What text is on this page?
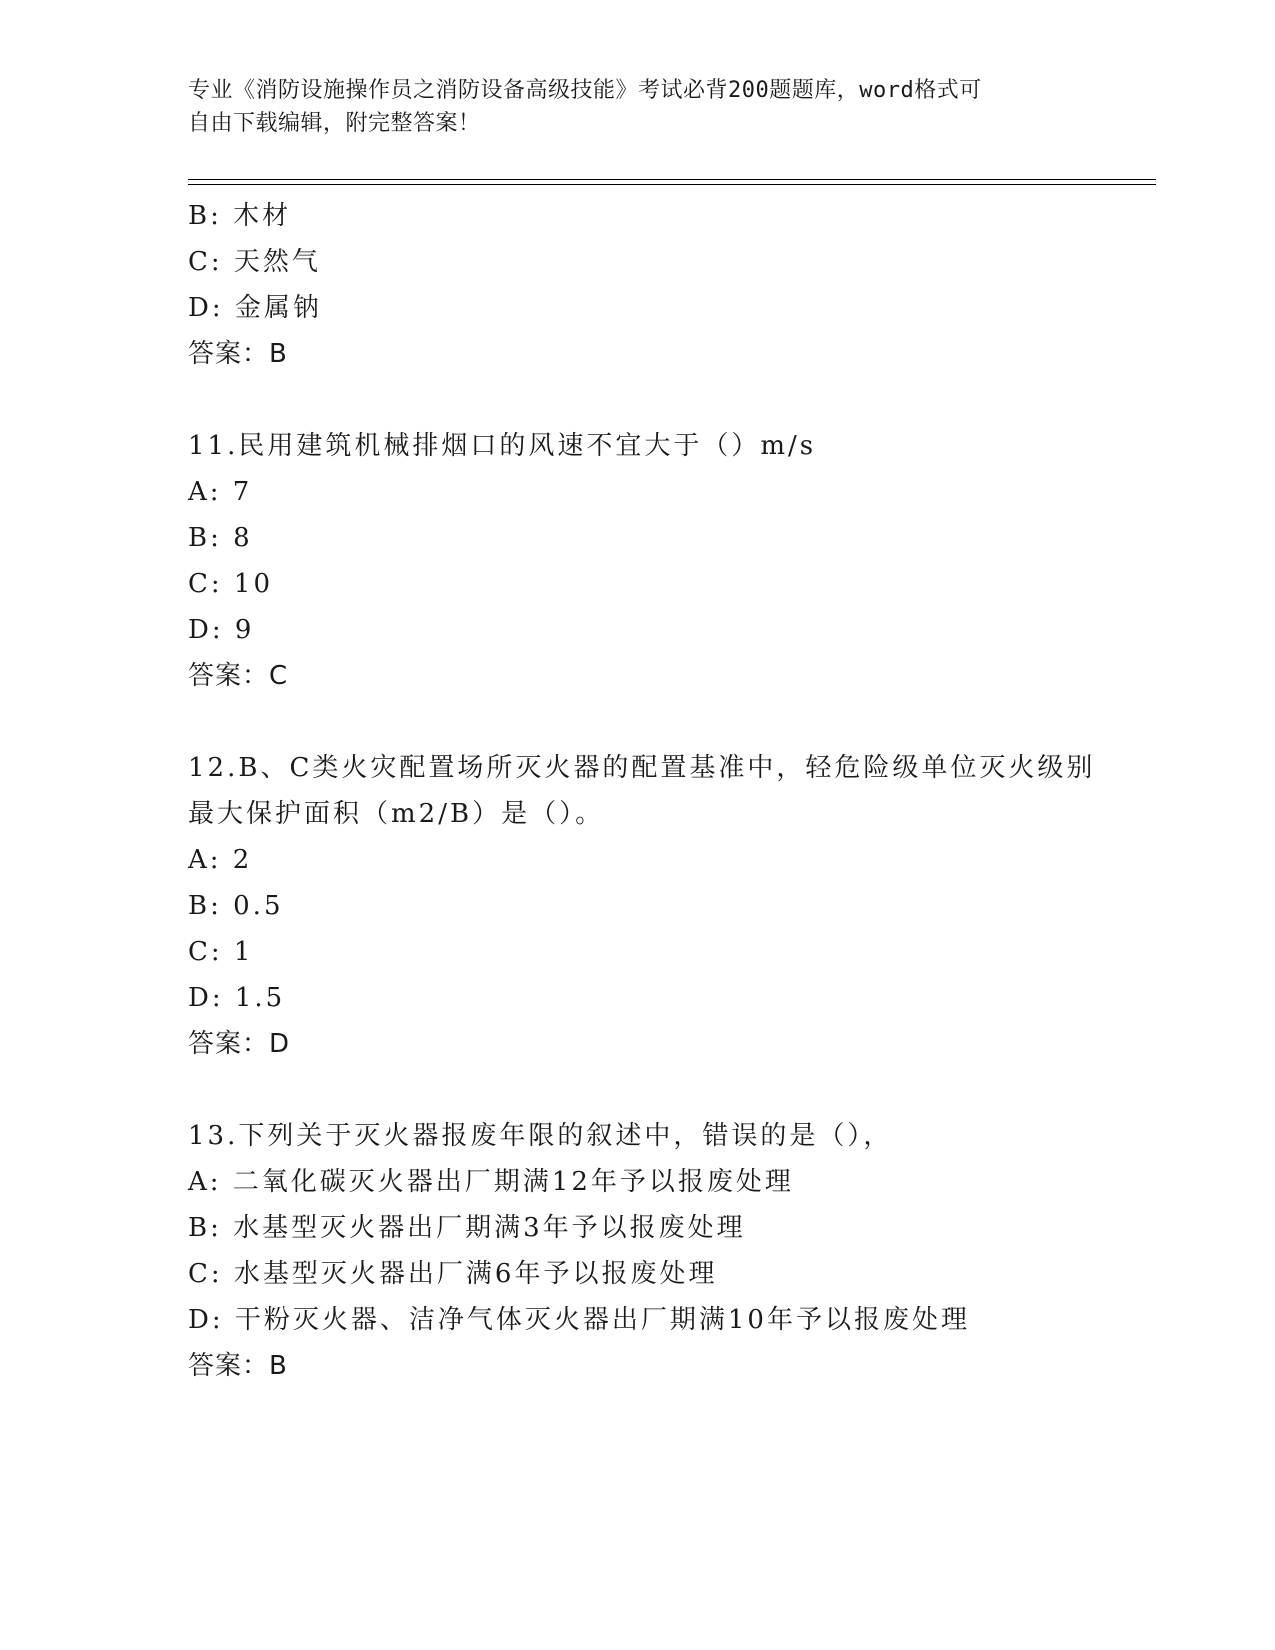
专业《消防设施操作员之消防设备高级技能》考试必背200题题库，word格式可
自由下载编辑，附完整答案！
B: 木材
C: 天然气
D: 金属钠
答案：B
11.民用建筑机械排烟口的风速不宜大于（）m/s
A: 7
B: 8
C: 10
D: 9
答案：C
12.B、C类火灾配置场所灭火器的配置基准中，轻危险级单位灭火级别
最大保护面积（m2/B）是（）。
A: 2
B: 0.5
C: 1
D: 1.5
答案：D
13.下列关于灭火器报废年限的叙述中，错误的是（），
A: 二氧化碳灭火器出厂期满12年予以报废处理
B: 水基型灭火器出厂期满3年予以报废处理
C: 水基型灭火器出厂满6年予以报废处理
D: 干粉灭火器、洁净气体灭火器出厂期满10年予以报废处理
答案：B
